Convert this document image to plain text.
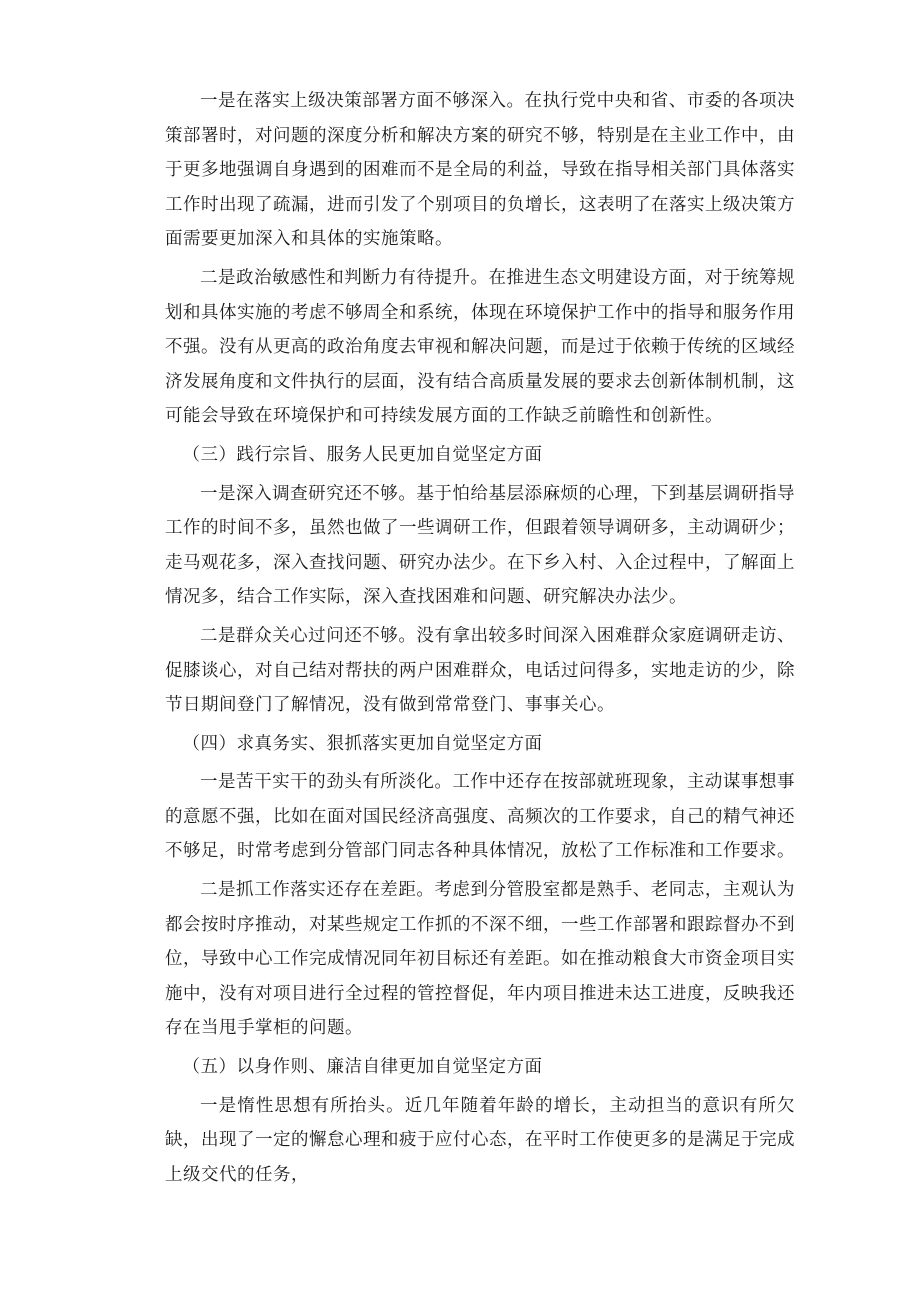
一是在落实上级决策部署方面不够深入。在执行党中央和省、市委的各项决策部署时，对问题的深度分析和解决方案的研究不够，特别是在主业工作中，由于更多地强调自身遇到的困难而不是全局的利益，导致在指导相关部门具体落实工作时出现了疏漏，进而引发了个别项目的负增长，这表明了在落实上级决策方面需要更加深入和具体的实施策略。

二是政治敏感性和判断力有待提升。在推进生态文明建设方面，对于统筹规划和具体实施的考虑不够周全和系统，体现在环境保护工作中的指导和服务作用不强。没有从更高的政治角度去审视和解决问题，而是过于依赖于传统的区域经济发展角度和文件执行的层面，没有结合高质量发展的要求去创新体制机制，这可能会导致在环境保护和可持续发展方面的工作缺乏前瞻性和创新性。

（三）践行宗旨、服务人民更加自觉坚定方面

一是深入调查研究还不够。基于怕给基层添麻烦的心理，下到基层调研指导工作的时间不多，虽然也做了一些调研工作，但跟着领导调研多，主动调研少；走马观花多，深入查找问题、研究办法少。在下乡入村、入企过程中，了解面上情况多，结合工作实际，深入查找困难和问题、研究解决办法少。

二是群众关心过问还不够。没有拿出较多时间深入困难群众家庭调研走访、促膝谈心，对自己结对帮扶的两户困难群众，电话过问得多，实地走访的少，除节日期间登门了解情况，没有做到常常登门、事事关心。

（四）求真务实、狠抓落实更加自觉坚定方面

一是苦干实干的劲头有所淡化。工作中还存在按部就班现象，主动谋事想事的意愿不强，比如在面对国民经济高强度、高频次的工作要求，自己的精气神还不够足，时常考虑到分管部门同志各种具体情况，放松了工作标准和工作要求。

二是抓工作落实还存在差距。考虑到分管股室都是熟手、老同志，主观认为都会按时序推动，对某些规定工作抓的不深不细，一些工作部署和跟踪督办不到位，导致中心工作完成情况同年初目标还有差距。如在推动粮食大市资金项目实施中，没有对项目进行全过程的管控督促，年内项目推进未达工进度，反映我还存在当甩手掌柜的问题。

（五）以身作则、廉洁自律更加自觉坚定方面

一是惰性思想有所抬头。近几年随着年龄的增长，主动担当的意识有所欠缺，出现了一定的懈怠心理和疲于应付心态，在平时工作使更多的是满足于完成上级交代的任务，
